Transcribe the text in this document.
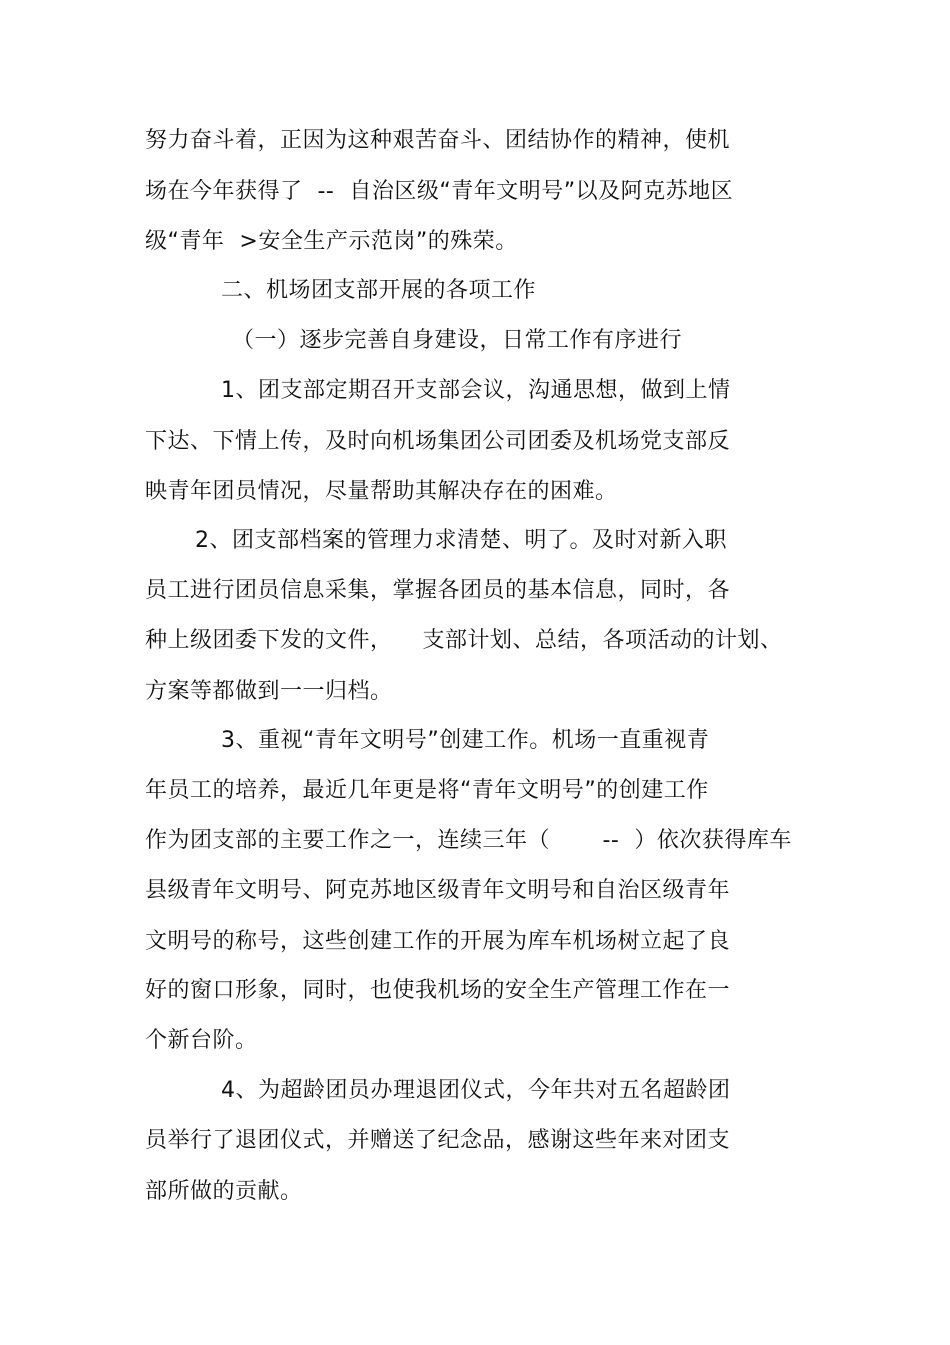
努力奋斗着，正因为这种艰苦奋斗、团结协作的精神，使机
场在今年获得了  --  自治区级“青年文明号”以及阿克苏地区
级“青年  >安全生产示范岗”的殊荣。
二、机场团支部开展的各项工作
（一）逐步完善自身建设，日常工作有序进行
1、团支部定期召开支部会议，沟通思想，做到上情
下达、下情上传，及时向机场集团公司团委及机场党支部反
映青年团员情况，尽量帮助其解决存在的困难。
2、团支部档案的管理力求清楚、明了。及时对新入职
员工进行团员信息采集，掌握各团员的基本信息，同时，各
种上级团委下发的文件，    支部计划、总结，各项活动的计划、
方案等都做到一一归档。
3、重视“青年文明号”创建工作。机场一直重视青
年员工的培养，最近几年更是将“青年文明号”的创建工作
作为团支部的主要工作之一，连续三年（       --  ）依次获得库车
县级青年文明号、阿克苏地区级青年文明号和自治区级青年
文明号的称号，这些创建工作的开展为库车机场树立起了良
好的窗口形象，同时，也使我机场的安全生产管理工作在一
个新台阶。
4、为超龄团员办理退团仪式，今年共对五名超龄团
员举行了退团仪式，并赠送了纪念品，感谢这些年来对团支
部所做的贡献。
